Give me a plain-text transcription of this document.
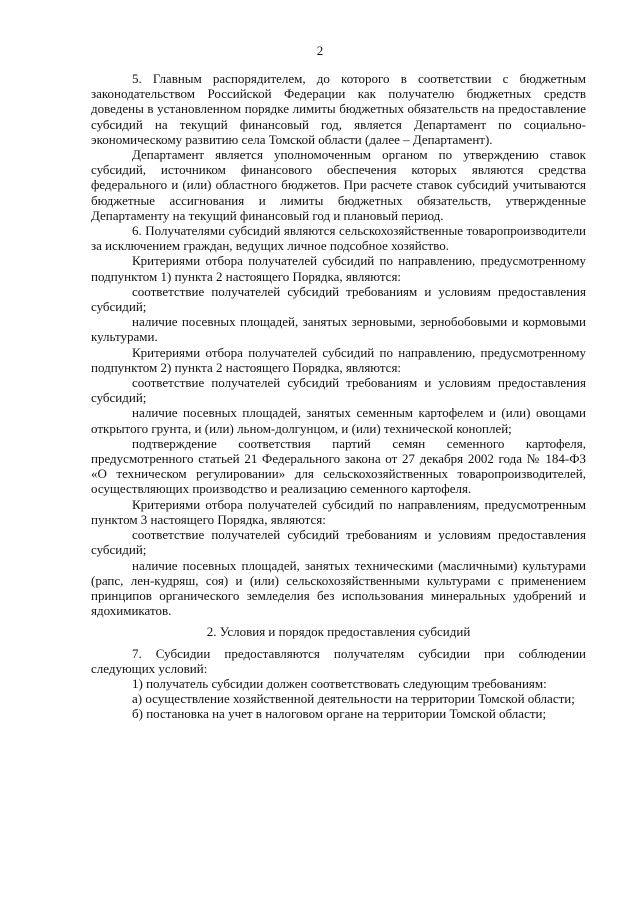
2

5. Главным распорядителем, до которого в соответствии с бюджетным законодательством Российской Федерации как получателю бюджетных средств доведены в установленном порядке лимиты бюджетных обязательств на предоставление субсидий на текущий финансовый год, является Департамент по социально-экономическому развитию села Томской области (далее – Департамент).

Департамент является уполномоченным органом по утверждению ставок субсидий, источником финансового обеспечения которых являются средства федерального и (или) областного бюджетов. При расчете ставок субсидий учитываются бюджетные ассигнования и лимиты бюджетных обязательств, утвержденные Департаменту на текущий финансовый год и плановый период.

6. Получателями субсидий являются сельскохозяйственные товаропроизводители за исключением граждан, ведущих личное подсобное хозяйство.

Критериями отбора получателей субсидий по направлению, предусмотренному подпунктом 1) пункта 2 настоящего Порядка, являются:

соответствие получателей субсидий требованиям и условиям предоставления субсидий;

наличие посевных площадей, занятых зерновыми, зернобобовыми и кормовыми культурами.

Критериями отбора получателей субсидий по направлению, предусмотренному подпунктом 2) пункта 2 настоящего Порядка, являются:

соответствие получателей субсидий требованиям и условиям предоставления субсидий;

наличие посевных площадей, занятых семенным картофелем и (или) овощами открытого грунта, и (или) льном-долгунцом, и (или) технической коноплей;

подтверждение соответствия партий семян семенного картофеля, предусмотренного статьей 21 Федерального закона от 27 декабря 2002 года № 184-ФЗ «О техническом регулировании» для сельскохозяйственных товаропроизводителей, осуществляющих производство и реализацию семенного картофеля.

Критериями отбора получателей субсидий по направлениям, предусмотренным пунктом 3 настоящего Порядка, являются:

соответствие получателей субсидий требованиям и условиям предоставления субсидий;

наличие посевных площадей, занятых техническими (масличными) культурами (рапс, лен-кудряш, соя) и (или) сельскохозяйственными культурами с применением принципов органического земледелия без использования минеральных удобрений и ядохимикатов.

2. Условия и порядок предоставления субсидий

7. Субсидии предоставляются получателям субсидии при соблюдении следующих условий:

1) получатель субсидии должен соответствовать следующим требованиям:

а) осуществление хозяйственной деятельности на территории Томской области;

б) постановка на учет в налоговом органе на территории Томской области;
